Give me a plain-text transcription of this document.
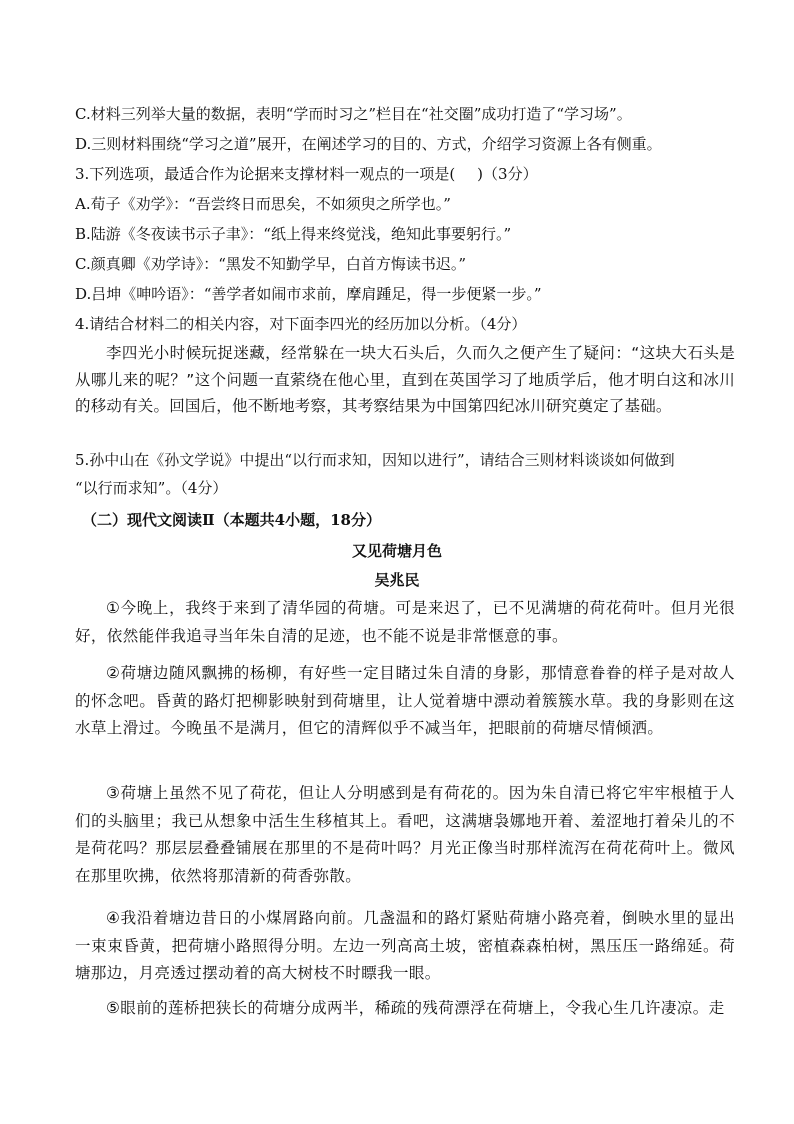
C.材料三列举大量的数据，表明“学而时习之”栏目在“社交圈”成功打造了“学习场”。
D.三则材料围绕“学习之道”展开，在阐述学习的目的、方式，介绍学习资源上各有侧重。
3.下列选项，最适合作为论据来支撑材料一观点的一项是( )（3分）
A.荀子《劝学》：“吾尝终日而思矣，不如须臾之所学也。”
B.陆游《冬夜读书示子聿》：“纸上得来终觉浅，绝知此事要躬行。”
C.颜真卿《劝学诗》：“黑发不知勤学早，白首方悔读书迟。”
D.吕坤《呻吟语》：“善学者如闹市求前，摩肩踵足，得一步便紧一步。”
4.请结合材料二的相关内容，对下面李四光的经历加以分析。（4分）
李四光小时候玩捉迷藏，经常躲在一块大石头后，久而久之便产生了疑问：“这块大石头是从哪儿来的呢？”这个问题一直萦绕在他心里，直到在英国学习了地质学后，他才明白这和冰川的移动有关。回国后，他不断地考察，其考察结果为中国第四纪冰川研究奠定了基础。
5.孙中山在《孙文学说》中提出“以行而求知，因知以进行”，请结合三则材料谈谈如何做到
“以行而求知”。（4分）
（二）现代文阅读Ⅱ（本题共4小题，18分）
又见荷塘月色
吴兆民
①今晚上，我终于来到了清华园的荷塘。可是来迟了，已不见满塘的荷花荷叶。但月光很好，依然能伴我追寻当年朱自清的足迹，也不能不说是非常惬意的事。
②荷塘边随风飘拂的杨柳，有好些一定目睹过朱自清的身影，那情意眷眷的样子是对故人的怀念吧。昏黄的路灯把柳影映射到荷塘里，让人觉着塘中漂动着簇簇水草。我的身影则在这水草上滑过。今晚虽不是满月，但它的清辉似乎不减当年，把眼前的荷塘尽情倾洒。
③荷塘上虽然不见了荷花，但让人分明感到是有荷花的。因为朱自清已将它牢牢根植于人们的头脑里；我已从想象中活生生移植其上。看吧，这满塘袅娜地开着、羞涩地打着朵儿的不是荷花吗？那层层叠叠铺展在那里的不是荷叶吗？月光正像当时那样流泻在荷花荷叶上。微风在那里吹拂，依然将那清新的荷香弥散。
④我沿着塘边昔日的小煤屑路向前。几盏温和的路灯紧贴荷塘小路亮着，倒映水里的显出一束束昏黄，把荷塘小路照得分明。左边一列高高土坡，密植森森柏树，黑压压一路绵延。荷塘那边，月亮透过摆动着的高大树枝不时瞟我一眼。
⑤眼前的莲桥把狭长的荷塘分成两半，稀疏的残荷漂浮在荷塘上，令我心生几许凄凉。走
